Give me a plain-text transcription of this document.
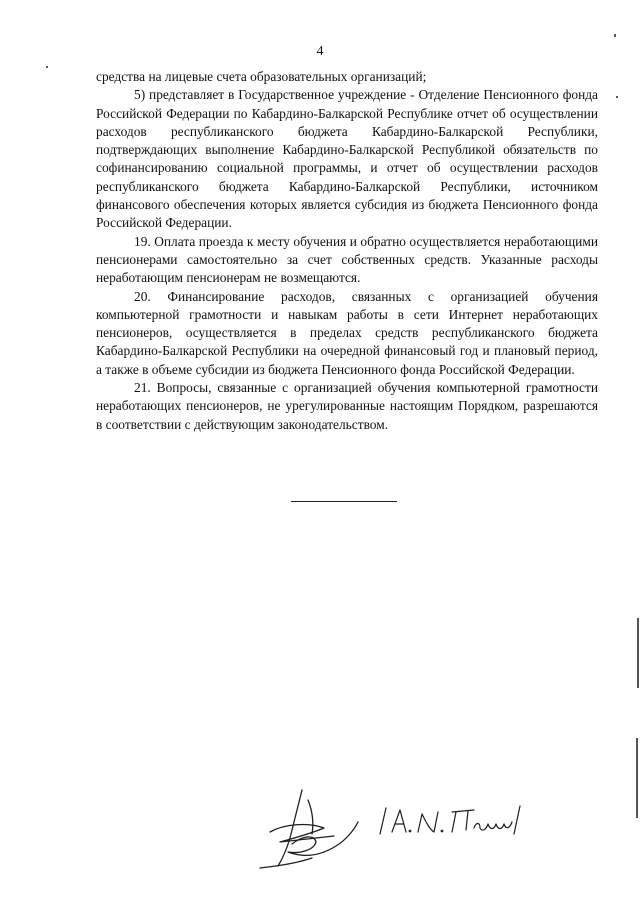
4

средства на лицевые счета образовательных организаций;

5) представляет в Государственное учреждение - Отделение Пенсионного фонда Российской Федерации по Кабардино-Балкарской Республике отчет об осуществлении расходов республиканского бюджета Кабардино-Балкарской Республики, подтверждающих выполнение Кабардино-Балкарской Республикой обязательств по софинансированию социальной программы, и отчет об осуществлении расходов республиканского бюджета Кабардино-Балкарской Республики, источником финансового обеспечения которых является субсидия из бюджета Пенсионного фонда Российской Федерации.

19. Оплата проезда к месту обучения и обратно осуществляется неработающими пенсионерами самостоятельно за счет собственных средств. Указанные расходы неработающим пенсионерам не возмещаются.

20. Финансирование расходов, связанных с организацией обучения компьютерной грамотности и навыкам работы в сети Интернет неработающих пенсионеров, осуществляется в пределах средств республиканского бюджета Кабардино-Балкарской Республики на очередной финансовый год и плановый период, а также в объеме субсидии из бюджета Пенсионного фонда Российской Федерации.

21. Вопросы, связанные с организацией обучения компьютерной грамотности неработающих пенсионеров, не урегулированные настоящим Порядком, разрешаются в соответствии с действующим законодательством.
